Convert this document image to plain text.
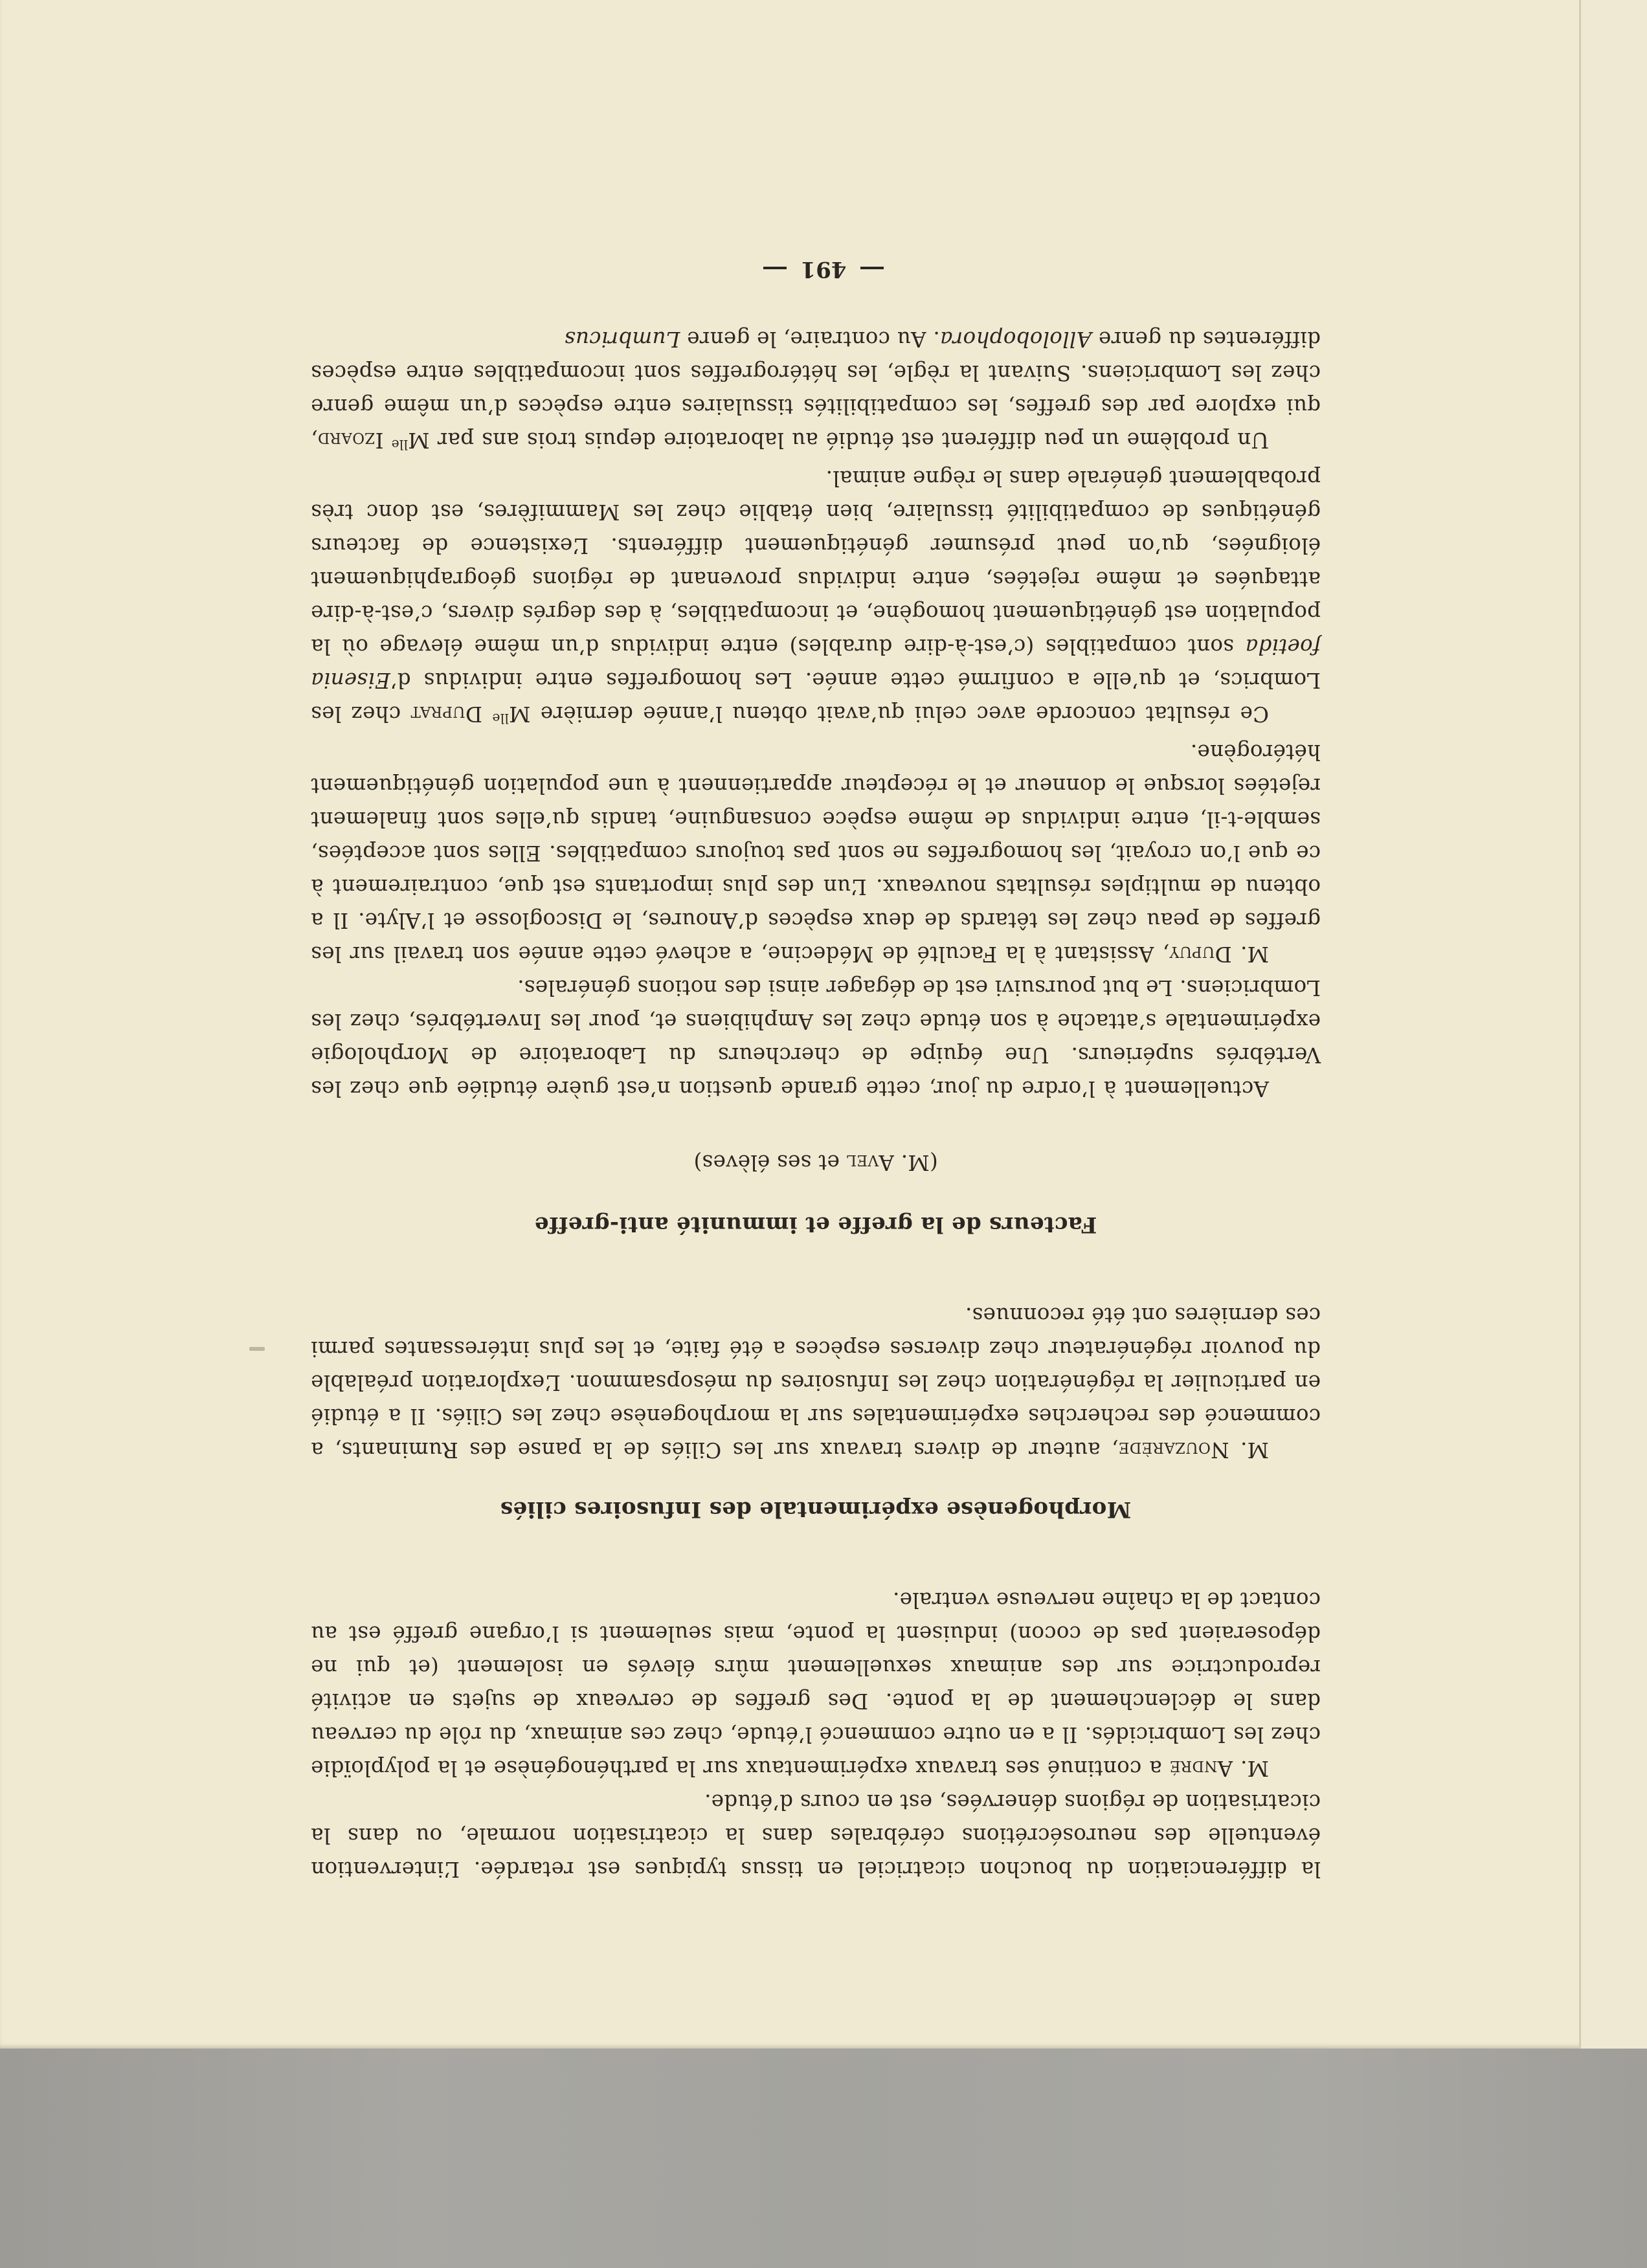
la différenciation du bouchon cicatriciel en tissus typiques est retardée. L’intervention éventuelle des neurosécrétions cérébrales dans la cicatrisation normale, ou dans la cicatrisation de régions dénervées, est en cours d’étude.

M. André a continué ses travaux expérimentaux sur la parthénogénèse et la polyploïdie chez les Lombricidés. Il a en outre commencé l’étude, chez ces animaux, du rôle du cerveau dans le déclenchement de la ponte. Des greffes de cerveaux de sujets en activité reproductrice sur des animaux sexuellement mûrs élevés en isolement (et qui ne déposeraient pas de cocon) induisent la ponte, mais seulement si l’organe greffé est au contact de la chaîne nerveuse ventrale.

Morphogenèse expérimentale des Infusoires ciliés

M. Nouzarède, auteur de divers travaux sur les Ciliés de la panse des Ruminants, a commencé des recherches expérimentales sur la morphogenèse chez les Ciliés. Il a étudié en particulier la régénération chez les Infusoires du mésopsammon. L’exploration préalable du pouvoir régénérateur chez diverses espèces a été faite, et les plus intéressantes parmi ces dernières ont été reconnues.

Facteurs de la greffe et immunité anti-greffe
(M. Avel et ses élèves)

Actuellement à l’ordre du jour, cette grande question n’est guère étudiée que chez les Vertébrés supérieurs. Une équipe de chercheurs du Laboratoire de Morphologie expérimentale s’attache à son étude chez les Amphibiens et, pour les Invertébrés, chez les Lombriciens. Le but poursuivi est de dégager ainsi des notions générales.

M. Dupuy, Assistant à la Faculté de Médecine, a achevé cette année son travail sur les greffes de peau chez les têtards de deux espèces d’Anoures, le Discoglosse et l’Alyte. Il a obtenu de multiples résultats nouveaux. L’un des plus importants est que, contrairement à ce que l’on croyait, les homogreffes ne sont pas toujours compatibles. Elles sont acceptées, semble-t-il, entre individus de même espèce consanguine, tandis qu’elles sont finalement rejetées lorsque le donneur et le récepteur appartiennent à une population génétiquement hétérogène.

Ce résultat concorde avec celui qu’avait obtenu l’année dernière $M^{lle}$ Duprat chez les Lombrics, et qu’elle a confirmé cette année. Les homogreffes entre individus d’Eisenia foetida sont compatibles (c’est-à-dire durables) entre individus d’un même élevage où la population est génétiquement homogène, et incompatibles, à des degrés divers, c’est-à-dire attaquées et même rejetées, entre individus provenant de régions géographiquement éloignées, qu’on peut présumer génétiquement différents. L’existence de facteurs génétiques de compatibilité tissulaire, bien établie chez les Mammifères, est donc très probablement générale dans le règne animal.

Un problème un peu différent est étudié au laboratoire depuis trois ans par $M^{lle}$ Izoard, qui explore par des greffes, les compatibilités tissulaires entre espèces d’un même genre chez les Lombriciens. Suivant la règle, les hétérogreffes sont incompatibles entre espèces différentes du genre Allolobophora. Au contraire, le genre Lumbricus

491
